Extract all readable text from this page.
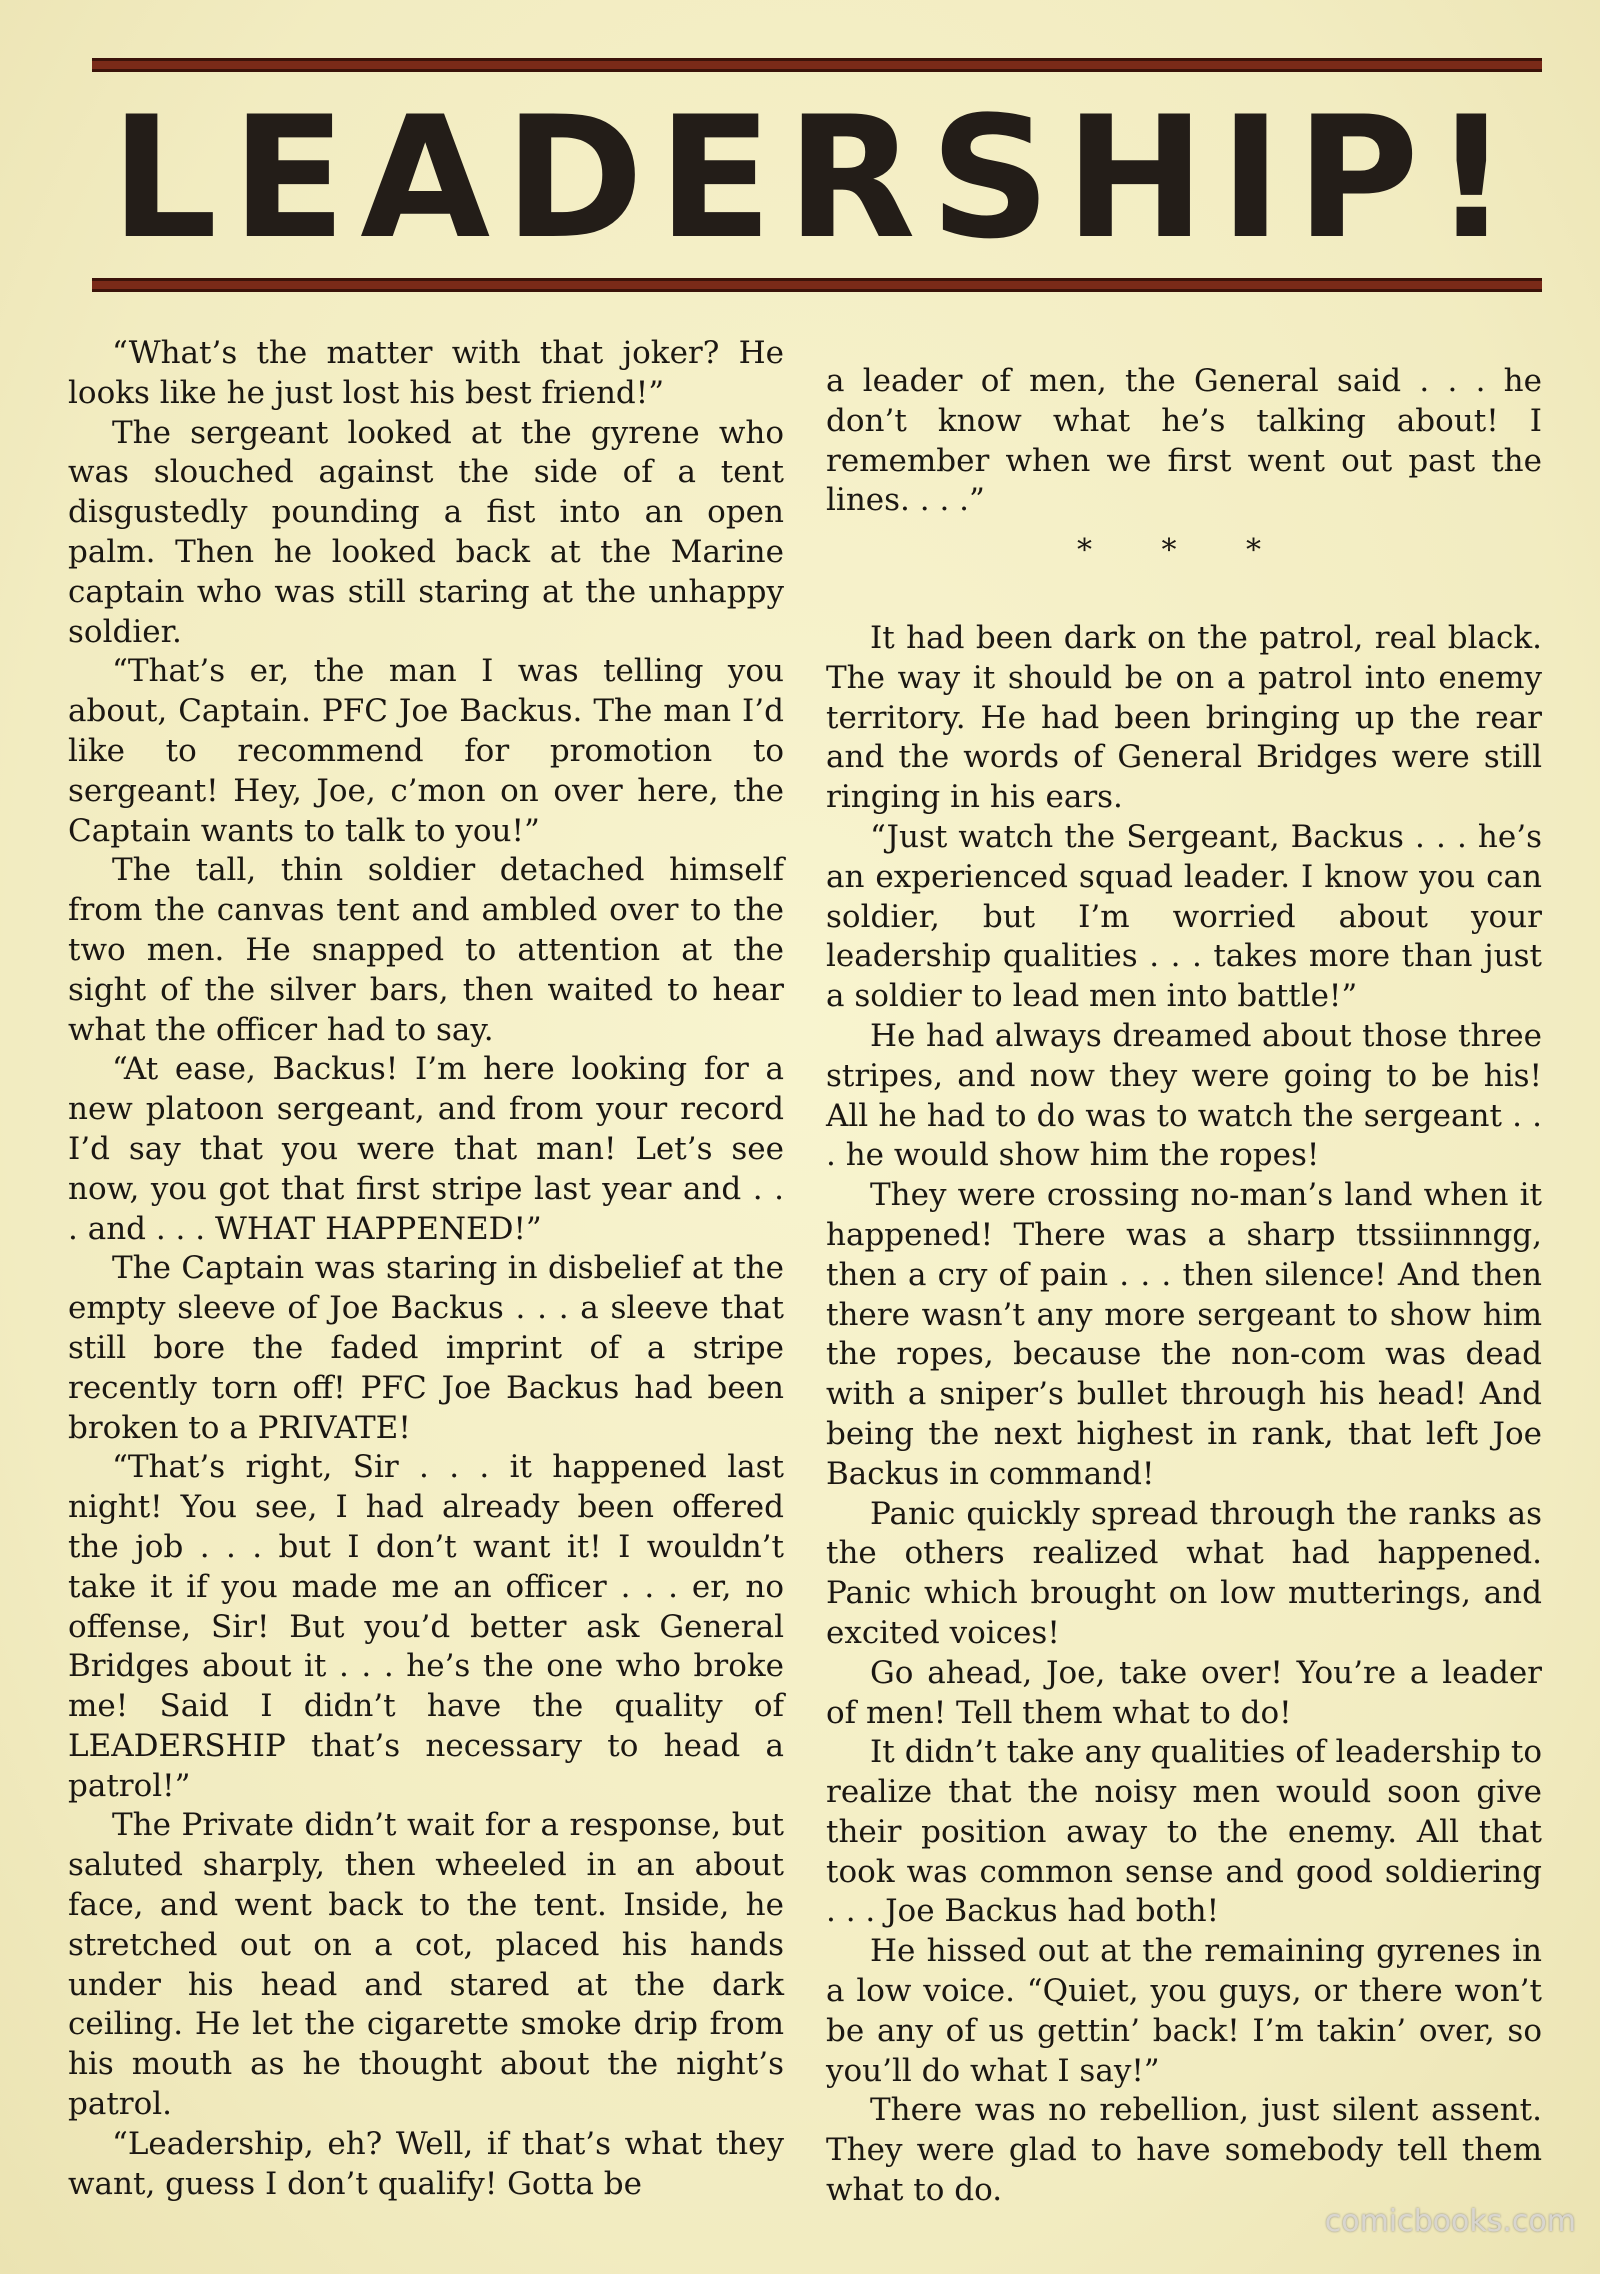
LEADERSHIP!

“What’s the matter with that joker? He looks like he just lost his best friend!”

The sergeant looked at the gyrene who was slouched against the side of a tent disgustedly pounding a fist into an open palm. Then he looked back at the Marine captain who was still staring at the unhappy soldier.

“That’s er, the man I was telling you about, Captain. PFC Joe Backus. The man I’d like to recommend for promotion to sergeant! Hey, Joe, c’mon on over here, the Captain wants to talk to you!”

The tall, thin soldier detached himself from the canvas tent and ambled over to the two men. He snapped to attention at the sight of the silver bars, then waited to hear what the officer had to say.

“At ease, Backus! I’m here looking for a new platoon sergeant, and from your record I’d say that you were that man! Let’s see now, you got that first stripe last year and . . . and . . . WHAT HAPPENED!”

The Captain was staring in disbelief at the empty sleeve of Joe Backus . . . a sleeve that still bore the faded imprint of a stripe recently torn off! PFC Joe Backus had been broken to a PRIVATE!

“That’s right, Sir . . . it happened last night! You see, I had already been offered the job . . . but I don’t want it! I wouldn’t take it if you made me an officer . . . er, no offense, Sir! But you’d better ask General Bridges about it . . . he’s the one who broke me! Said I didn’t have the quality of LEADERSHIP that’s necessary to head a patrol!”

The Private didn’t wait for a response, but saluted sharply, then wheeled in an about face, and went back to the tent. Inside, he stretched out on a cot, placed his hands under his head and stared at the dark ceiling. He let the cigarette smoke drip from his mouth as he thought about the night’s patrol.

“Leadership, eh? Well, if that’s what they want, guess I don’t qualify! Gotta be

a leader of men, the General said . . . he don’t know what he’s talking about! I remember when we first went out past the lines. . . .”

* * *

It had been dark on the patrol, real black. The way it should be on a patrol into enemy territory. He had been bringing up the rear and the words of General Bridges were still ringing in his ears.

“Just watch the Sergeant, Backus . . . he’s an experienced squad leader. I know you can soldier, but I’m worried about your leadership qualities . . . takes more than just a soldier to lead men into battle!”

He had always dreamed about those three stripes, and now they were going to be his! All he had to do was to watch the sergeant . . . he would show him the ropes!

They were crossing no-man’s land when it happened! There was a sharp ttssiinnngg, then a cry of pain . . . then silence! And then there wasn’t any more sergeant to show him the ropes, because the non-com was dead with a sniper’s bullet through his head! And being the next highest in rank, that left Joe Backus in command!

Panic quickly spread through the ranks as the others realized what had happened. Panic which brought on low mutterings, and excited voices!

Go ahead, Joe, take over! You’re a leader of men! Tell them what to do!

It didn’t take any qualities of leadership to realize that the noisy men would soon give their position away to the enemy. All that took was common sense and good soldiering . . . Joe Backus had both!

He hissed out at the remaining gyrenes in a low voice. “Quiet, you guys, or there won’t be any of us gettin’ back! I’m takin’ over, so you’ll do what I say!”

There was no rebellion, just silent assent. They were glad to have somebody tell them what to do.

comicbooks.com
